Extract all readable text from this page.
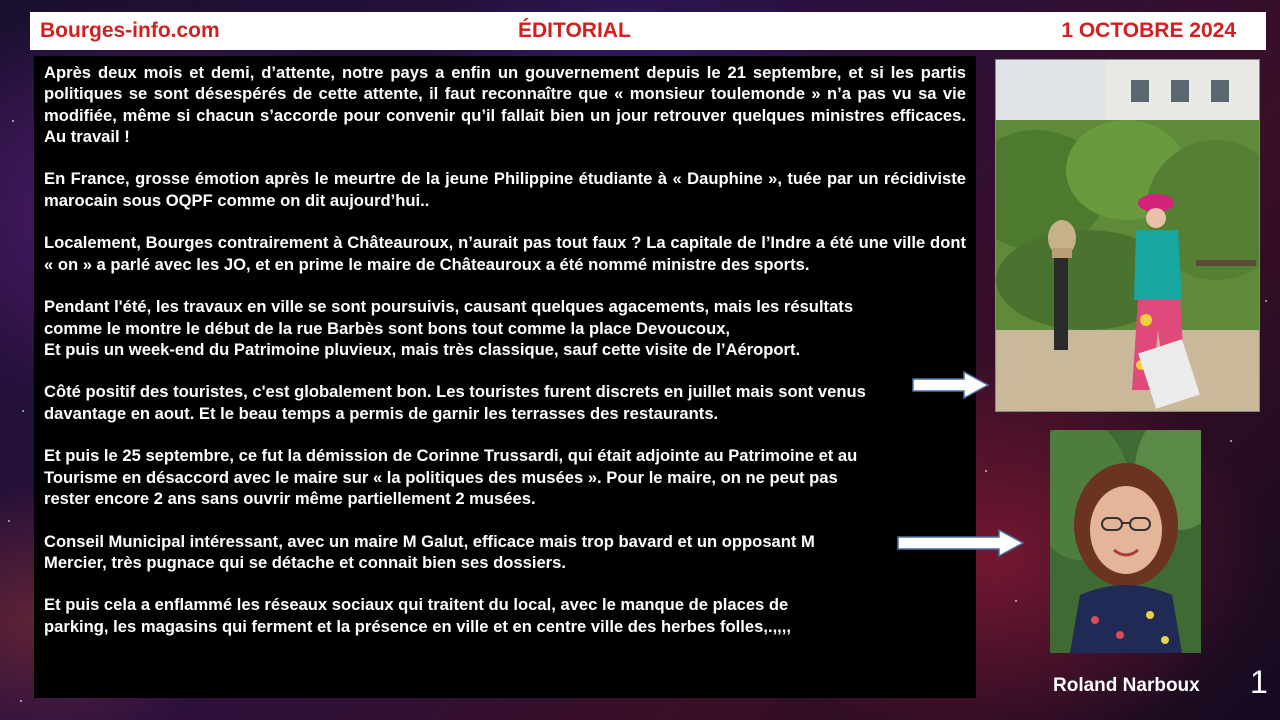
Bourges-info.com	ÉDITORIAL	1 OCTOBRE 2024

Après deux mois et demi, d’attente, notre pays a enfin un gouvernement depuis le 21 septembre, et si les partis politiques se sont désespérés de cette attente, il faut reconnaître que « monsieur toulemonde » n’a pas vu sa vie modifiée, même si chacun s’accorde pour convenir qu’il fallait bien un jour retrouver quelques ministres efficaces. Au travail !

En France, grosse émotion après le meurtre de la jeune Philippine étudiante à « Dauphine », tuée par un récidiviste marocain sous OQPF comme on dit aujourd’hui..

Localement, Bourges contrairement à Châteauroux, n’aurait pas tout faux ? La capitale de l’Indre a été une ville dont « on » a parlé avec les JO, et en prime le maire de Châteauroux a été nommé ministre des sports.

Pendant l'été, les travaux en ville se sont poursuivis, causant quelques agacements, mais les résultats
comme le montre le début de la rue Barbès sont bons tout comme la place Devoucoux,
Et puis un week-end du Patrimoine pluvieux, mais très classique, sauf cette visite de l’Aéroport.

Côté positif des touristes, c'est globalement bon. Les touristes furent discrets en juillet mais sont venus
davantage en aout. Et le beau temps a permis de garnir les terrasses des restaurants.

Et puis le 25 septembre, ce fut la démission de Corinne Trussardi, qui était adjointe au Patrimoine et au
Tourisme en désaccord avec le maire sur « la politiques des musées ». Pour le maire, on ne peut pas
rester encore 2 ans sans ouvrir même partiellement 2 musées.

Conseil Municipal intéressant, avec un maire M Galut, efficace mais trop bavard et un opposant M
Mercier, très pugnace qui se détache et connait bien ses dossiers.

Et puis cela a enflammé les réseaux sociaux qui traitent du local, avec le manque de places de
parking, les magasins qui ferment et la présence en ville et en centre ville des herbes folles,.,,,,

Roland Narboux 1
